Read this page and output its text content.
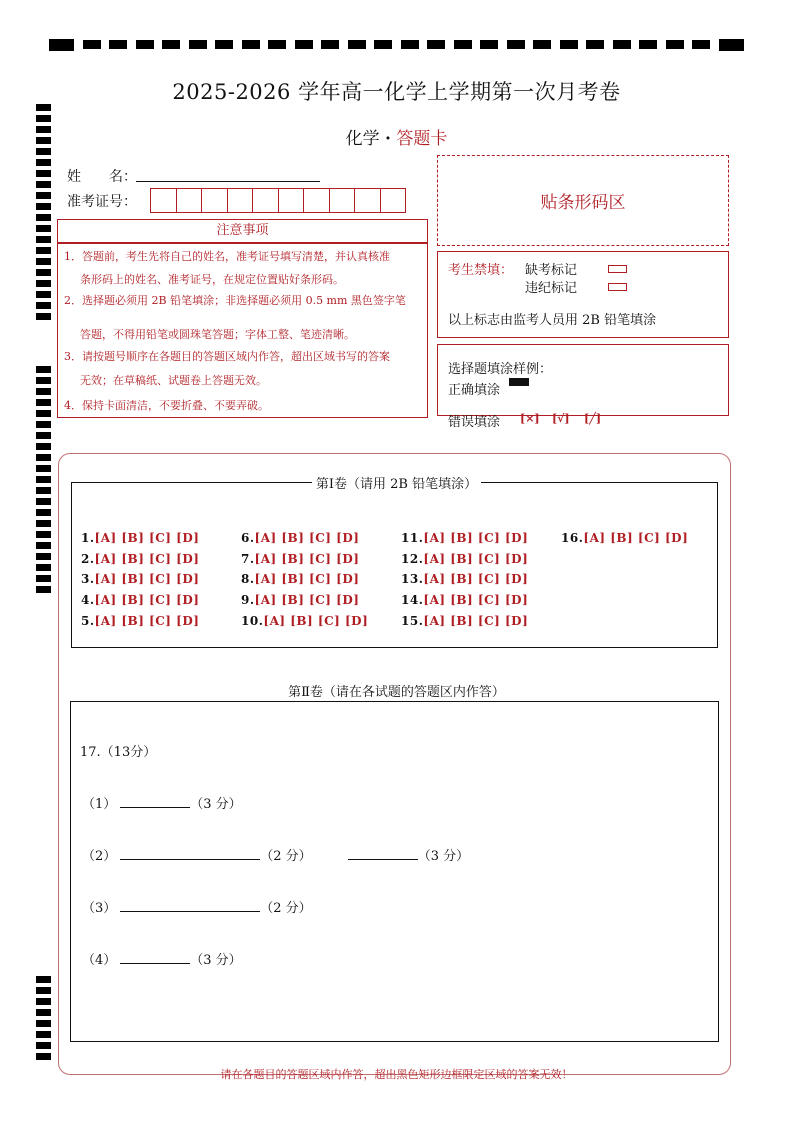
2025-2026 学年高一化学上学期第一次月考卷
化学 · 答题卡
姓　　名：
准考证号：	贴条形码区
注意事项
1．答题前，考生先将自己的姓名，准考证号填写清楚，并认真核准
条形码上的姓名、准考证号，在规定位置贴好条形码。
2．选择题必须用 2B 铅笔填涂；非选择题必须用 0.5 mm 黑色签字笔
答题，不得用铅笔或圆珠笔答题；字体工整、笔迹清晰。
3．请按题号顺序在各题目的答题区域内作答，超出区域书写的答案
无效；在草稿纸、试题卷上答题无效。
4．保持卡面清洁，不要折叠、不要弄破。
考生禁填： 缺考标记
违纪标记
以上标志由监考人员用 2B 铅笔填涂
选择题填涂样例：
正确填涂
错误填涂 [×] [√] [╱]
第Ⅰ卷（请用 2B 铅笔填涂）
1.[A] [B] [C] [D]
2.[A] [B] [C] [D]
3.[A] [B] [C] [D]
4.[A] [B] [C] [D]
5.[A] [B] [C] [D]
6.[A] [B] [C] [D]
7.[A] [B] [C] [D]
8.[A] [B] [C] [D]
9.[A] [B] [C] [D]
10.[A] [B] [C] [D]
11.[A] [B] [C] [D]
12.[A] [B] [C] [D]
13.[A] [B] [C] [D]
14.[A] [B] [C] [D]
15.[A] [B] [C] [D]
16.[A] [B] [C] [D]
第Ⅱ卷（请在各试题的答题区内作答）
17.（13分）
（1）	（3 分）
（2）	（2 分）	（3 分）
（3）	（2 分）
（4）	（3 分）
请在各题目的答题区域内作答，超出黑色矩形边框限定区域的答案无效！
